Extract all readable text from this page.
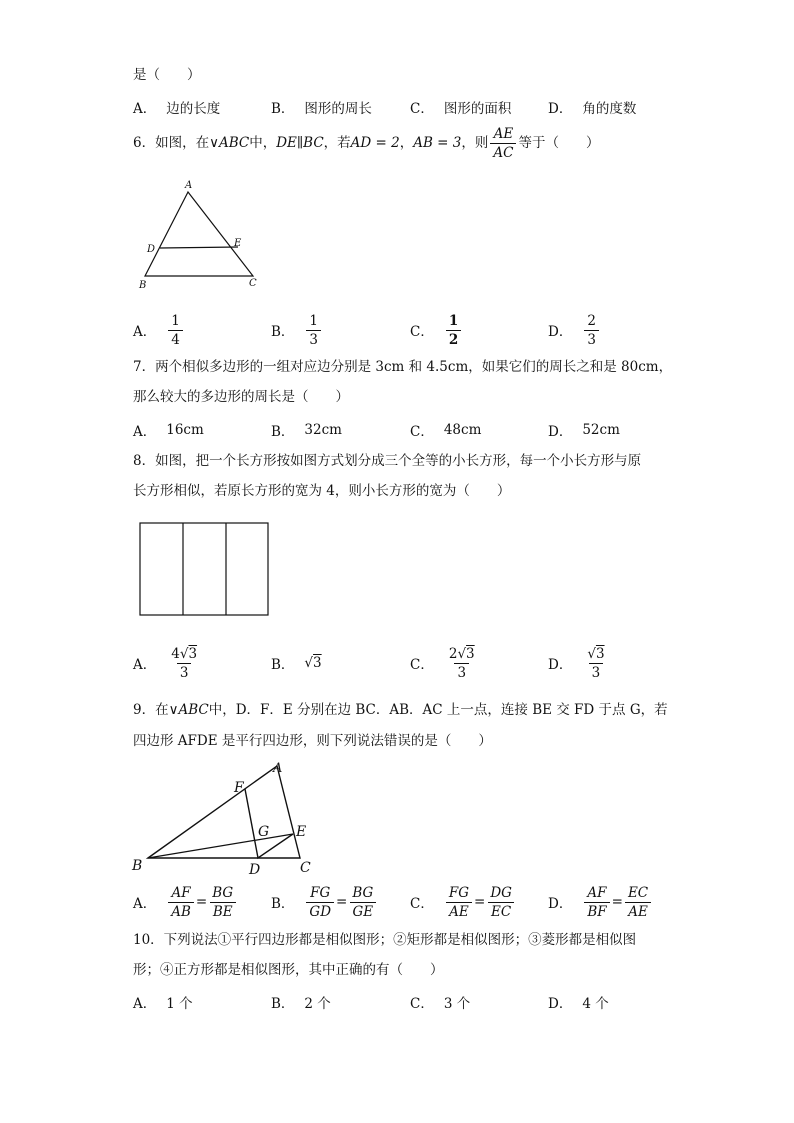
是（　　）
A． 边的长度	B． 图形的周长	C． 图形的面积	D． 角的度数
6．如图，在∨ABC中，DE∥BC，若AD = 2，AB = 3，则 $\frac{AE}{AC}$ 等于（　　）
A
D
E
B	C
A． $\frac{1}{4}$	B． $\frac{1}{3}$	C． $\frac{1}{2}$	D． $\frac{2}{3}$
7．两个相似多边形的一组对应边分别是 3cm 和 4.5cm，如果它们的周长之和是 80cm，
那么较大的多边形的周长是（　　）
A． 16cm	B． 32cm	C． 48cm	D． 52cm
8．如图，把一个长方形按如图方式划分成三个全等的小长方形，每一个小长方形与原
长方形相似，若原长方形的宽为 4，则小长方形的宽为（　　）
A． $\frac{4√3}{3}$	B． √3	C． $\frac{2√3}{3}$	D． $\frac{√3}{3}$
9．在∨ABC中，D．F．E 分别在边 BC．AB．AC 上一点，连接 BE 交 FD 于点 G，若
四边形 AFDE 是平行四边形，则下列说法错误的是（　　）
A
F
G E
B	D	C
A． $\frac{AF}{AB} = \frac{BG}{BE}$	B． $\frac{FG}{GD} = \frac{BG}{GE}$ C． $\frac{FG}{AE} = \frac{DG}{EC}$ D． $\frac{AF}{BF} = \frac{EC}{AE}$
10．下列说法①平行四边形都是相似图形；②矩形都是相似图形；③菱形都是相似图
形；④正方形都是相似图形，其中正确的有（　　）
A． 1 个	B． 2 个	C． 3 个	D． 4 个
